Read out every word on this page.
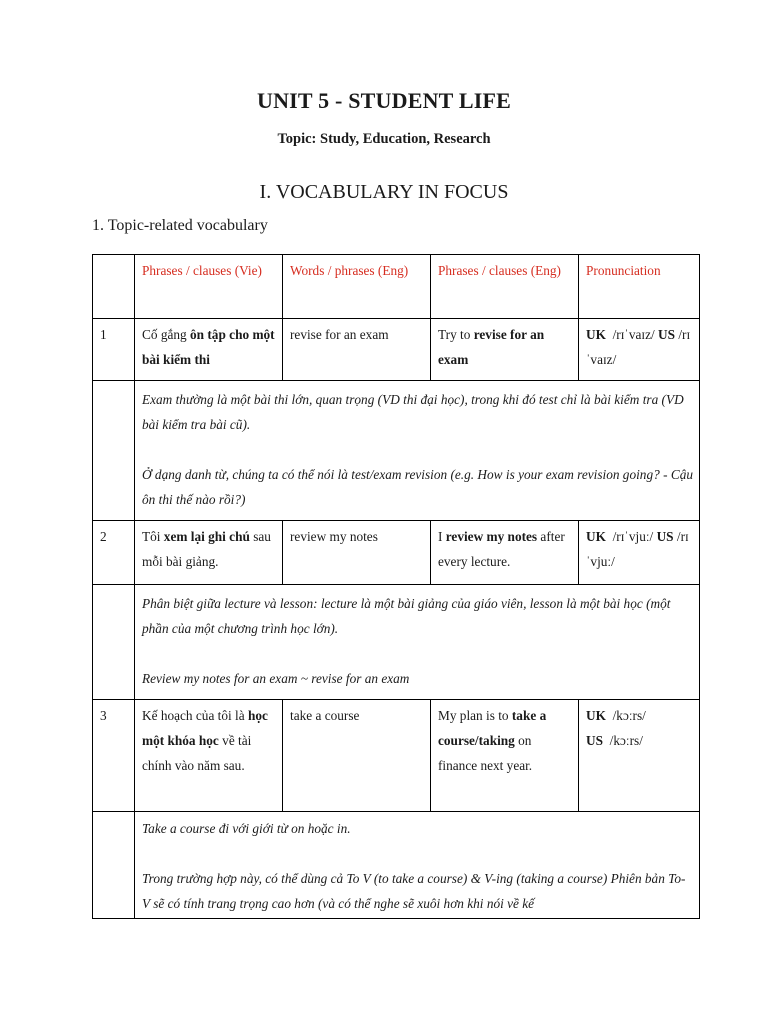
UNIT 5 - STUDENT LIFE
Topic: Study, Education, Research
I. VOCABULARY IN FOCUS
1. Topic-related vocabulary
	Phrases / clauses (Vie)	Words / phrases (Eng)	Phrases / clauses (Eng)	Pronunciation
1	Cố gắng ôn tập cho một bài kiểm thi	revise for an exam	Try to revise for an exam	UK /rɪˈvaɪz/ US /rɪˈvaɪz/

	Exam thường là một bài thi lớn, quan trọng (VD thi đại học), trong khi đó test chỉ là bài kiểm tra (VD bài kiểm tra bài cũ).

Ở dạng danh từ, chúng ta có thể nói là test/exam revision (e.g. How is your exam revision going? - Cậu ôn thi thế nào rồi?)			

2	Tôi xem lại ghi chú sau mỗi bài giảng.	review my notes	I review my notes after every lecture.	UK /rɪˈvjuː/ US /rɪˈvjuː/

	Phân biệt giữa lecture và lesson: lecture là một bài giảng của giáo viên, lesson là một bài học (một phần của một chương trình học lớn).

Review my notes for an exam ~ revise for an exam			

3	Kế hoạch của tôi là học một khóa học về tài chính vào năm sau.	take a course	My plan is to take a course/taking on finance next year.	UK /kɔːrs/
US /kɔːrs/

	Take a course đi với giới từ on hoặc in.

Trong trường hợp này, có thể dùng cả To V (to take a course) & V-ing (taking a course) Phiên bản To-V sẽ có tính trang trọng cao hơn (và có thể nghe sẽ xuôi hơn khi nói về kế			
